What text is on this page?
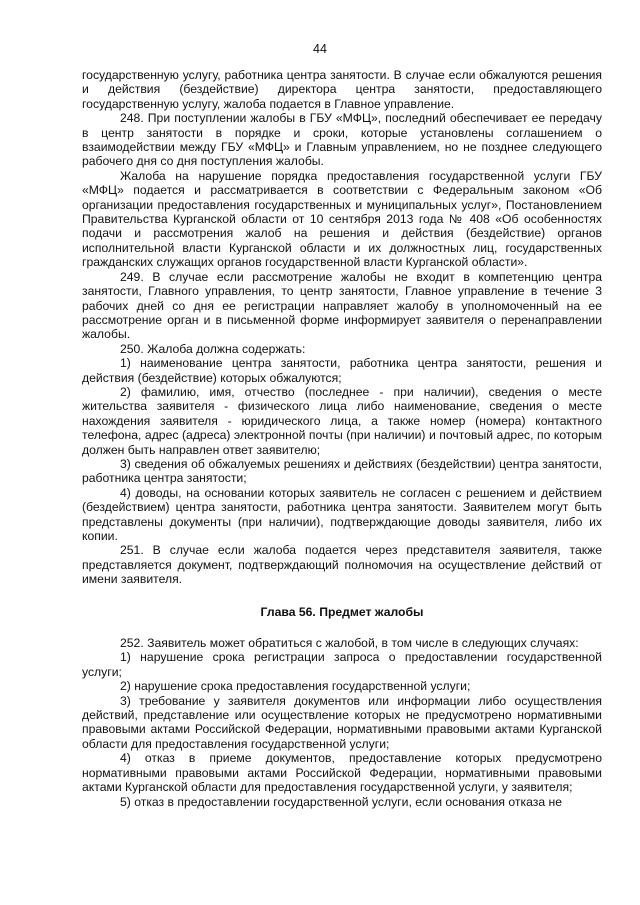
44

государственную услугу, работника центра занятости. В случае если обжалуются решения и действия (бездействие) директора центра занятости, предоставляющего государственную услугу, жалоба подается в Главное управление.

248. При поступлении жалобы в ГБУ «МФЦ», последний обеспечивает ее передачу в центр занятости в порядке и сроки, которые установлены соглашением о взаимодействии между ГБУ «МФЦ» и Главным управлением, но не позднее следующего рабочего дня со дня поступления жалобы.

Жалоба на нарушение порядка предоставления государственной услуги ГБУ «МФЦ» подается и рассматривается в соответствии с Федеральным законом «Об организации предоставления государственных и муниципальных услуг», Постановлением Правительства Курганской области от 10 сентября 2013 года № 408 «Об особенностях подачи и рассмотрения жалоб на решения и действия (бездействие) органов исполнительной власти Курганской области и их должностных лиц, государственных гражданских служащих органов государственной власти Курганской области».

249. В случае если рассмотрение жалобы не входит в компетенцию центра занятости, Главного управления, то центр занятости, Главное управление в течение 3 рабочих дней со дня ее регистрации направляет жалобу в уполномоченный на ее рассмотрение орган и в письменной форме информирует заявителя о перенаправлении жалобы.

250. Жалоба должна содержать:

1) наименование центра занятости, работника центра занятости, решения и действия (бездействие) которых обжалуются;

2) фамилию, имя, отчество (последнее - при наличии), сведения о месте жительства заявителя - физического лица либо наименование, сведения о месте нахождения заявителя - юридического лица, а также номер (номера) контактного телефона, адрес (адреса) электронной почты (при наличии) и почтовый адрес, по которым должен быть направлен ответ заявителю;

3) сведения об обжалуемых решениях и действиях (бездействии) центра занятости, работника центра занятости;

4) доводы, на основании которых заявитель не согласен с решением и действием (бездействием) центра занятости, работника центра занятости. Заявителем могут быть представлены документы (при наличии), подтверждающие доводы заявителя, либо их копии.

251. В случае если жалоба подается через представителя заявителя, также представляется документ, подтверждающий полномочия на осуществление действий от имени заявителя.

Глава 56. Предмет жалобы

252. Заявитель может обратиться с жалобой, в том числе в следующих случаях:

1) нарушение срока регистрации запроса о предоставлении государственной услуги;

2) нарушение срока предоставления государственной услуги;

3) требование у заявителя документов или информации либо осуществления действий, представление или осуществление которых не предусмотрено нормативными правовыми актами Российской Федерации, нормативными правовыми актами Курганской области для предоставления государственной услуги;

4) отказ в приеме документов, предоставление которых предусмотрено нормативными правовыми актами Российской Федерации, нормативными правовыми актами Курганской области для предоставления государственной услуги, у заявителя;

5) отказ в предоставлении государственной услуги, если основания отказа не
